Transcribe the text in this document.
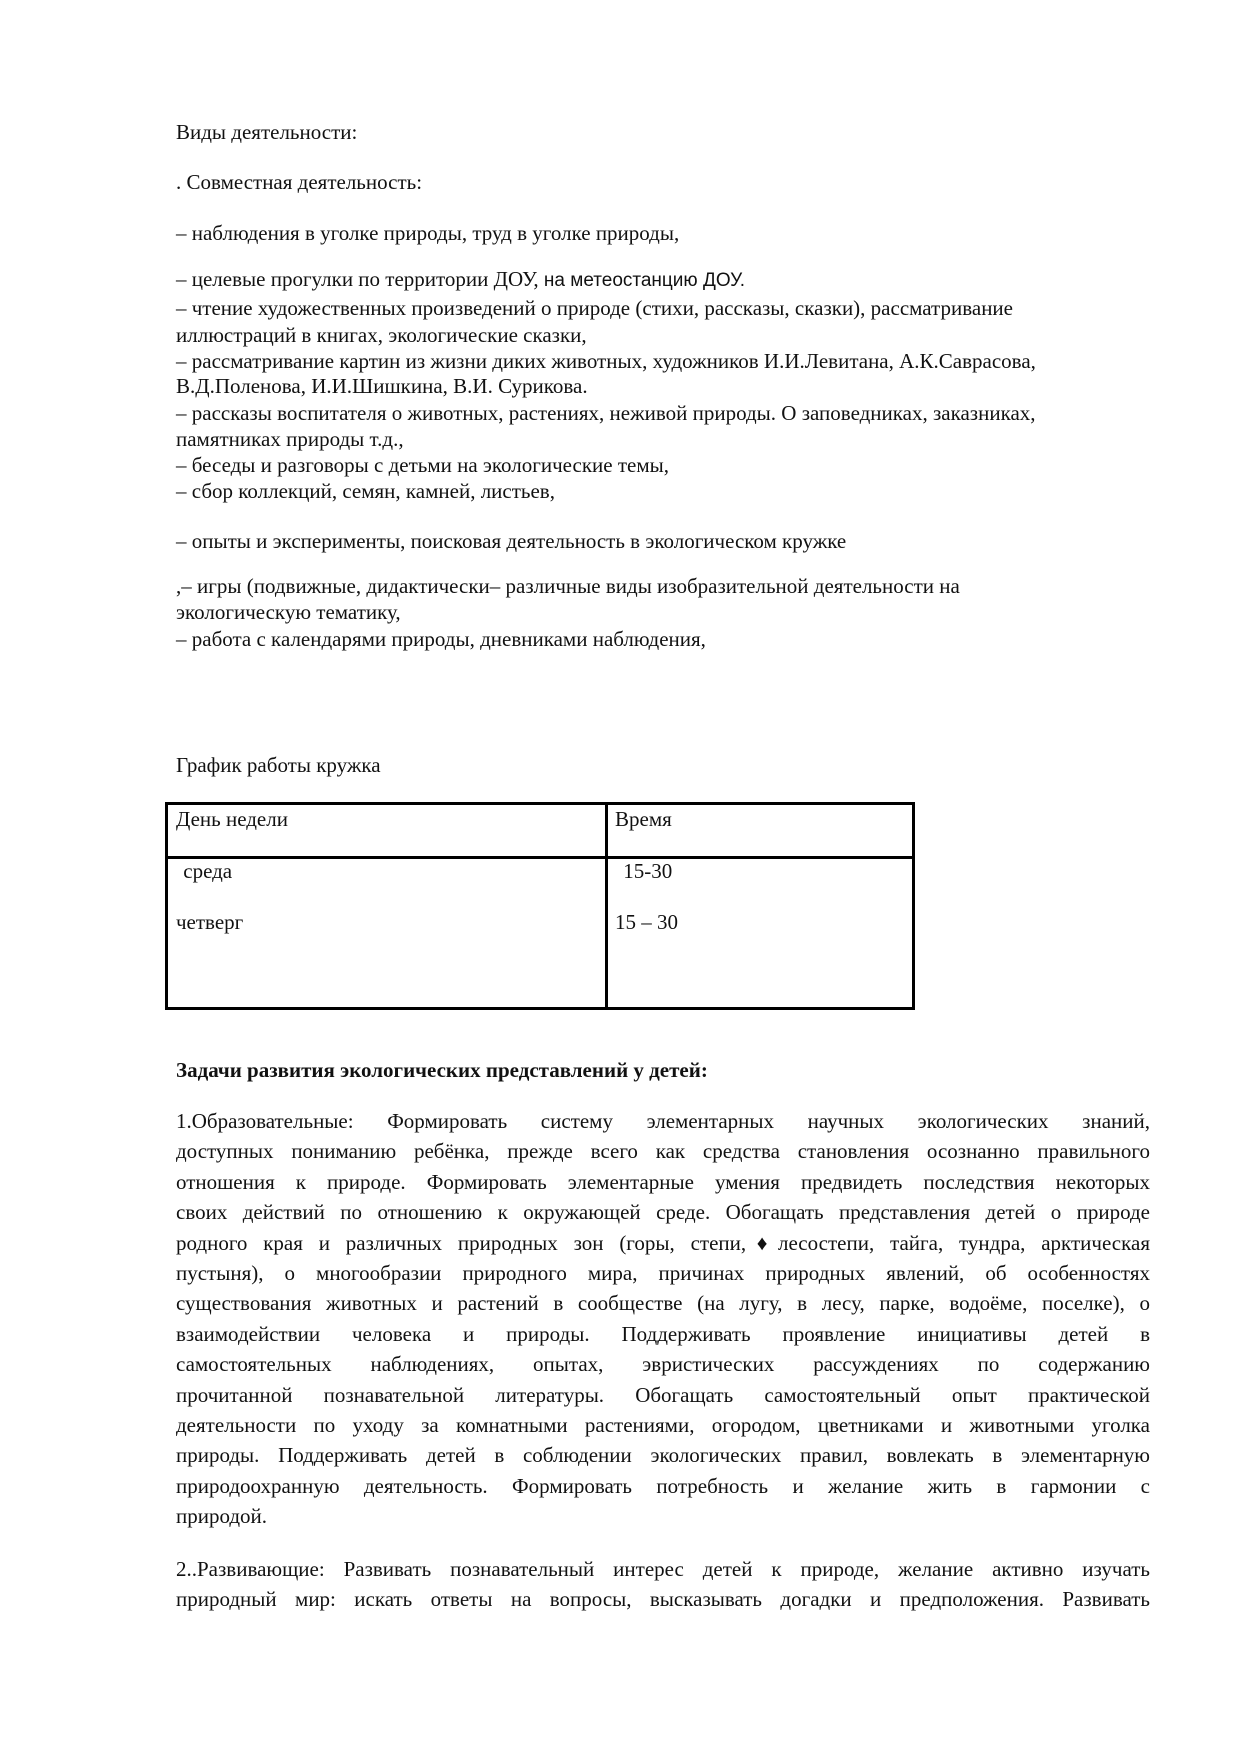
Виды деятельности:
. Совместная деятельность:
– наблюдения в уголке природы, труд в уголке природы,
– целевые прогулки по территории ДОУ, на метеостанцию ДОУ.
– чтение художественных произведений о природе (стихи, рассказы, сказки), рассматривание
иллюстраций в книгах, экологические сказки,
– рассматривание картин из жизни диких животных, художников И.И.Левитана, А.К.Саврасова,
В.Д.Поленова, И.И.Шишкина, В.И. Сурикова.
– рассказы воспитателя о животных, растениях, неживой природы. О заповедниках, заказниках,
памятниках природы т.д.,
– беседы и разговоры с детьми на экологические темы,
– сбор коллекций, семян, камней, листьев,
– опыты и эксперименты, поисковая деятельность в экологическом кружке
,– игры (подвижные, дидактически– различные виды изобразительной деятельности на
экологическую тематику,
– работа с календарями природы, дневниками наблюдения,
График работы кружка
День недели	Время
среда	15-30
четверг	15 – 30
Задачи развития экологических представлений у детей:
1.Образовательные: Формировать систему элементарных научных экологических знаний,
доступных пониманию ребёнка, прежде всего как средства становления осознанно правильного
отношения к природе. Формировать элементарные умения предвидеть последствия некоторых
своих действий по отношению к окружающей среде. Обогащать представления детей о природе
родного края и различных природных зон (горы, степи,♦лесостепи, тайга, тундра, арктическая
пустыня), о многообразии природного мира, причинах природных явлений, об особенностях
существования животных и растений в сообществе (на лугу, в лесу, парке, водоёме, поселке), о
взаимодействии человека и природы. Поддерживать проявление инициативы детей в
самостоятельных наблюдениях, опытах, эвристических рассуждениях по содержанию
прочитанной познавательной литературы. Обогащать самостоятельный опыт практической
деятельности по уходу за комнатными растениями, огородом, цветниками и животными уголка
природы. Поддерживать детей в соблюдении экологических правил, вовлекать в элементарную
природоохранную деятельность. Формировать потребность и желание жить в гармонии с
природой.
2..Развивающие: Развивать познавательный интерес детей к природе, желание активно изучать
природный мир: искать ответы на вопросы, высказывать догадки и предположения. Развивать
